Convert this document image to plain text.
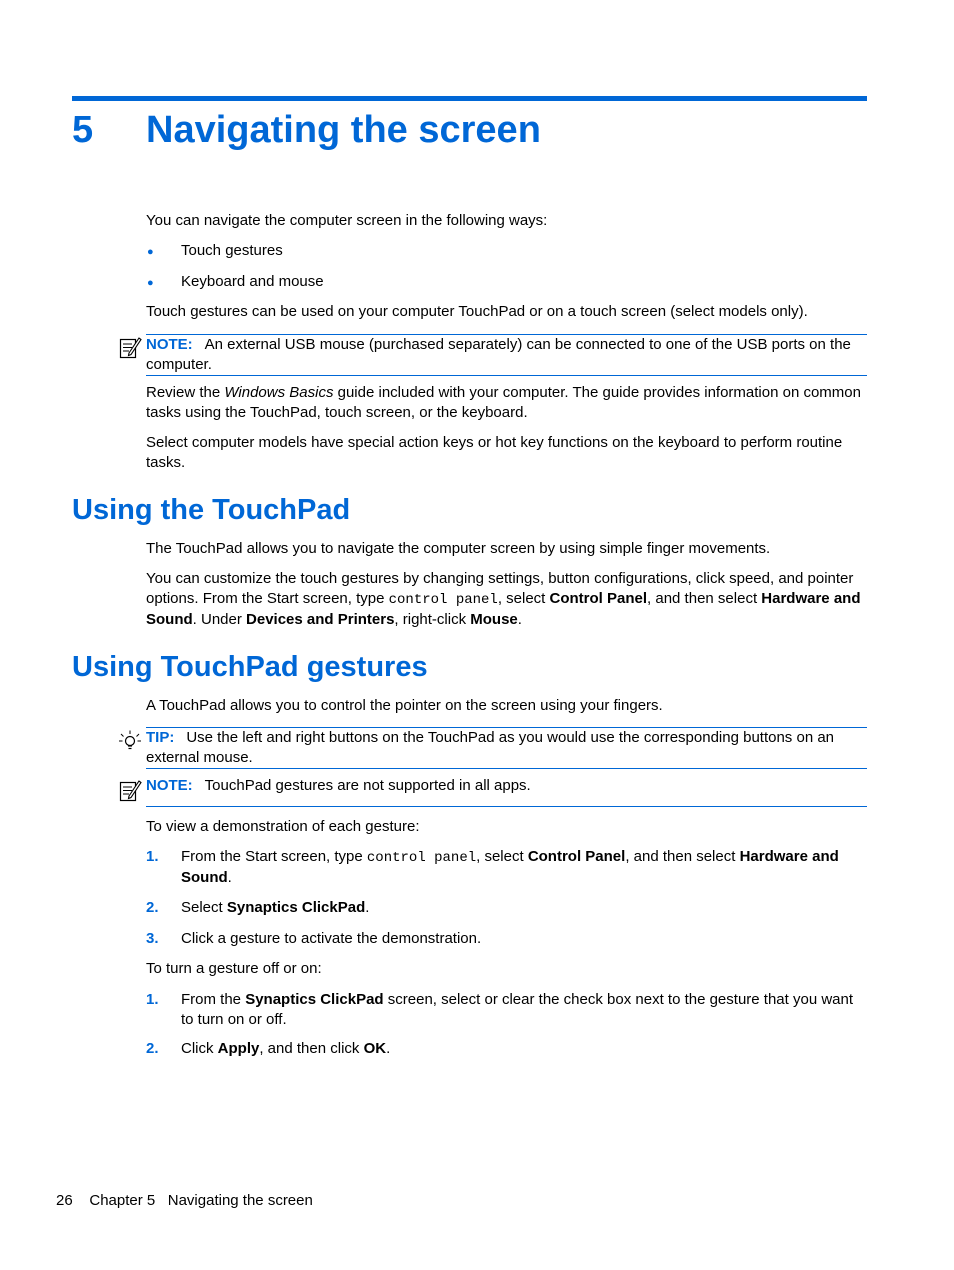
5 Navigating the screen

You can navigate the computer screen in the following ways:

● Touch gestures
● Keyboard and mouse

Touch gestures can be used on your computer TouchPad or on a touch screen (select models only).

NOTE: An external USB mouse (purchased separately) can be connected to one of the USB ports on the computer.

Review the Windows Basics guide included with your computer. The guide provides information on common tasks using the TouchPad, touch screen, or the keyboard.

Select computer models have special action keys or hot key functions on the keyboard to perform routine tasks.

Using the TouchPad

The TouchPad allows you to navigate the computer screen by using simple finger movements.

You can customize the touch gestures by changing settings, button configurations, click speed, and pointer options. From the Start screen, type control panel, select Control Panel, and then select Hardware and Sound. Under Devices and Printers, right-click Mouse.

Using TouchPad gestures

A TouchPad allows you to control the pointer on the screen using your fingers.

TIP: Use the left and right buttons on the TouchPad as you would use the corresponding buttons on an external mouse.
NOTE: TouchPad gestures are not supported in all apps.

To view a demonstration of each gesture:

1. From the Start screen, type control panel, select Control Panel, and then select Hardware and Sound.
2. Select Synaptics ClickPad.
3. Click a gesture to activate the demonstration.

To turn a gesture off or on:

1. From the Synaptics ClickPad screen, select or clear the check box next to the gesture that you want to turn on or off.
2. Click Apply, and then click OK.
26 Chapter 5 Navigating the screen
